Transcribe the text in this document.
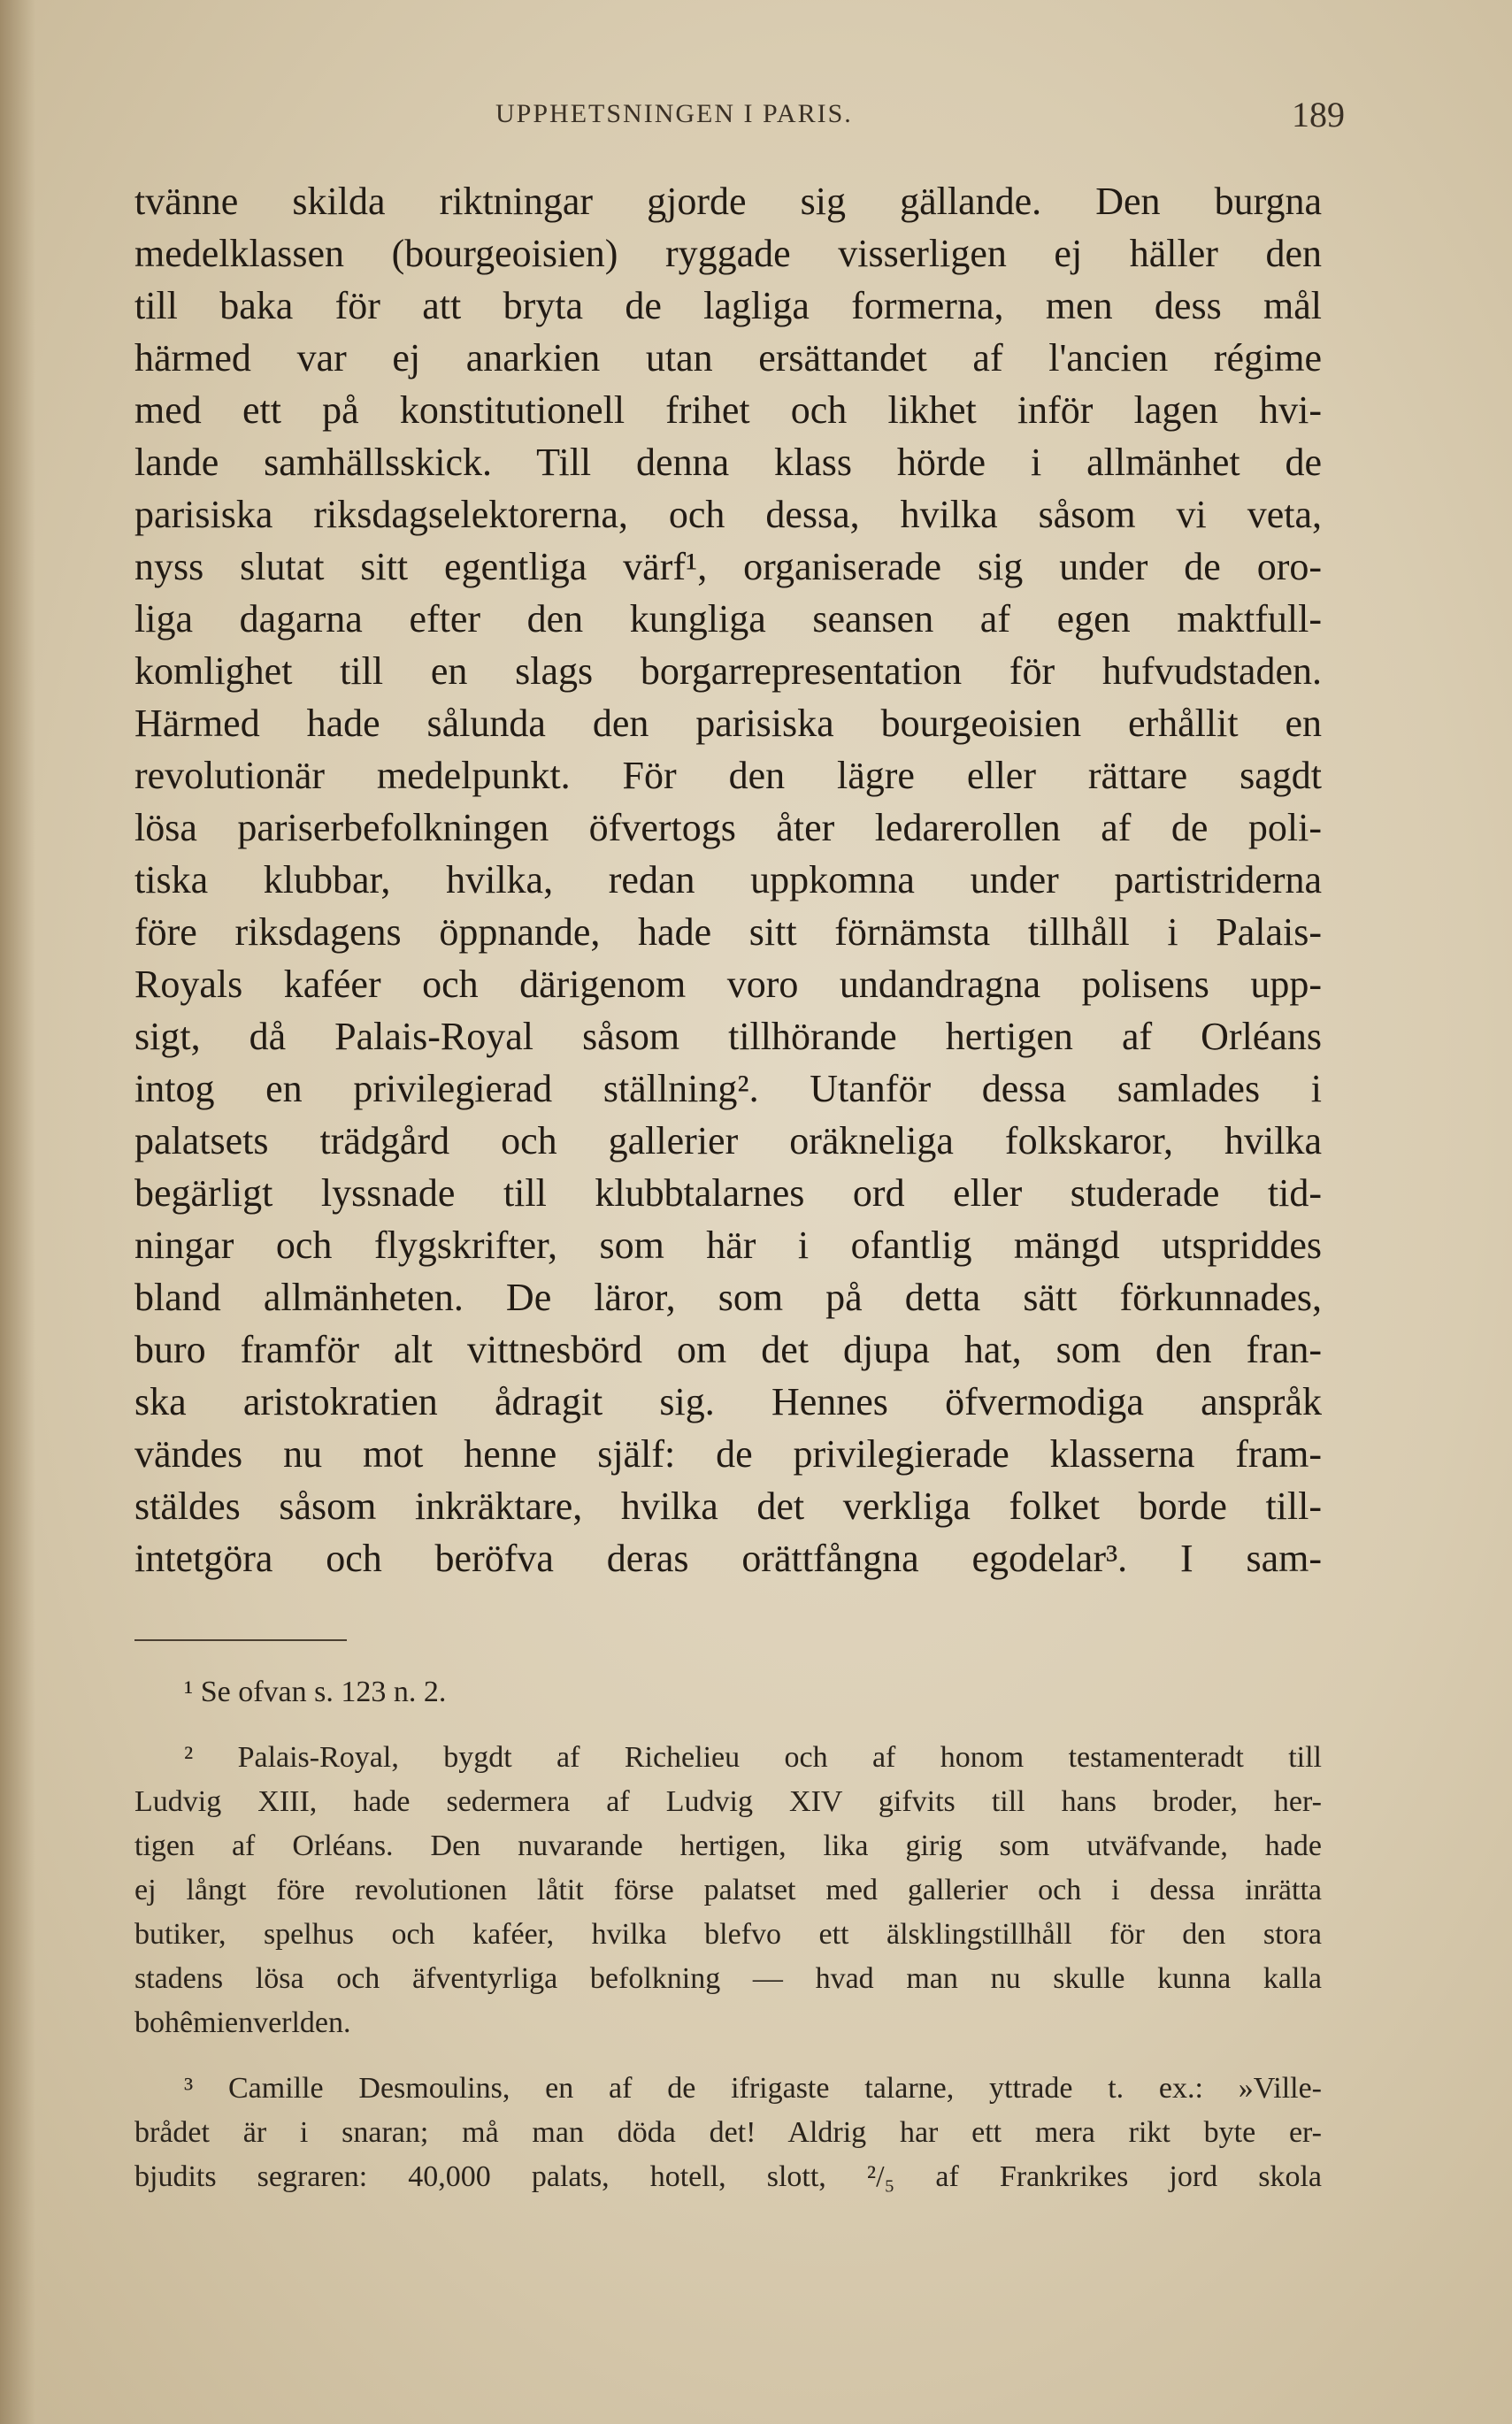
UPPHETSNINGEN I PARIS.	189
tvänne skilda riktningar gjorde sig gällande. Den burgna
medelklassen (bourgeoisien) ryggade visserligen ej häller den
till baka för att bryta de lagliga formerna, men dess mål
härmed var ej anarkien utan ersättandet af l'ancien régime
med ett på konstitutionell frihet och likhet inför lagen hvi-
lande samhällsskick. Till denna klass hörde i allmänhet de
parisiska riksdagselektorerna, och dessa, hvilka såsom vi veta,
nyss slutat sitt egentliga värf¹, organiserade sig under de oro-
liga dagarna efter den kungliga seansen af egen maktfull-
komlighet till en slags borgarrepresentation för hufvudstaden.
Härmed hade sålunda den parisiska bourgeoisien erhållit en
revolutionär medelpunkt. För den lägre eller rättare sagdt
lösa pariserbefolkningen öfvertogs åter ledarerollen af de poli-
tiska klubbar, hvilka, redan uppkomna under partistriderna
före riksdagens öppnande, hade sitt förnämsta tillhåll i Palais-
Royals kaféer och därigenom voro undandragna polisens upp-
sigt, då Palais-Royal såsom tillhörande hertigen af Orléans
intog en privilegierad ställning². Utanför dessa samlades i
palatsets trädgård och gallerier oräkneliga folkskaror, hvilka
begärligt lyssnade till klubbtalarnes ord eller studerade tid-
ningar och flygskrifter, som här i ofantlig mängd utspriddes
bland allmänheten. De läror, som på detta sätt förkunnades,
buro framför alt vittnesbörd om det djupa hat, som den fran-
ska aristokratien ådragit sig. Hennes öfvermodiga anspråk
vändes nu mot henne själf: de privilegierade klasserna fram-
stäldes såsom inkräktare, hvilka det verkliga folket borde till-
intetgöra och beröfva deras orättfångna egodelar³. I sam-
¹ Se ofvan s. 123 n. 2.
² Palais-Royal, bygdt af Richelieu och af honom testamenteradt till
Ludvig XIII, hade sedermera af Ludvig XIV gifvits till hans broder, her-
tigen af Orléans. Den nuvarande hertigen, lika girig som utväfvande, hade
ej långt före revolutionen låtit förse palatset med gallerier och i dessa inrätta
butiker, spelhus och kaféer, hvilka blefvo ett älsklingstillhåll för den stora
stadens lösa och äfventyrliga befolkning — hvad man nu skulle kunna kalla
bohêmienverlden.
³ Camille Desmoulins, en af de ifrigaste talarne, yttrade t. ex.: »Ville-
brådet är i snaran; må man döda det! Aldrig har ett mera rikt byte er-
bjudits segraren: 40,000 palats, hotell, slott, ²/₅ af Frankrikes jord skola
